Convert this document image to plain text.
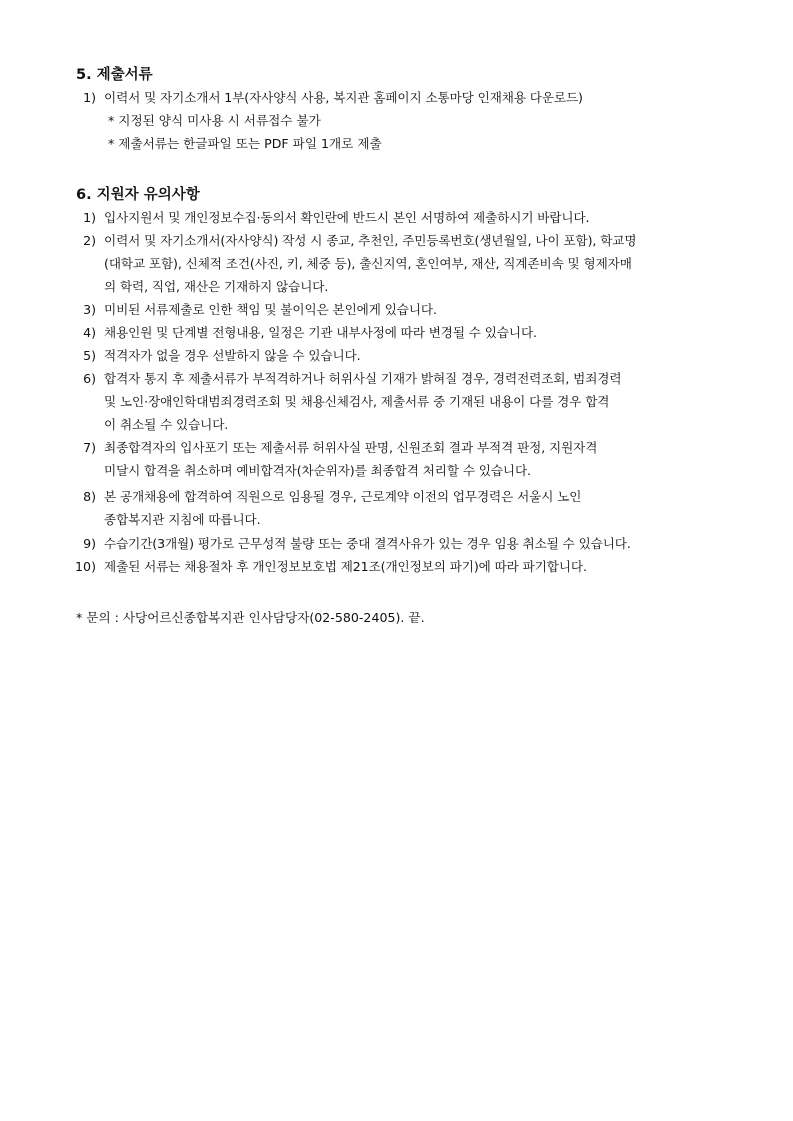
5. 제출서류
1) 이력서 및 자기소개서 1부(자사양식 사용, 복지관 홈페이지 소통마당 인재채용 다운로드)
* 지정된 양식 미사용 시 서류접수 불가
* 제출서류는 한글파일 또는 PDF 파일 1개로 제출
6. 지원자 유의사항
1) 입사지원서 및 개인정보수집·동의서 확인란에 반드시 본인 서명하여 제출하시기 바랍니다.
2) 이력서 및 자기소개서(자사양식) 작성 시 종교, 추천인, 주민등록번호(생년월일, 나이 포함), 학교명
(대학교 포함), 신체적 조건(사진, 키, 체중 등), 출신지역, 혼인여부, 재산, 직계존비속 및 형제자매
의 학력, 직업, 재산은 기재하지 않습니다.
3) 미비된 서류제출로 인한 책임 및 불이익은 본인에게 있습니다.
4) 채용인원 및 단계별 전형내용, 일정은 기관 내부사정에 따라 변경될 수 있습니다.
5) 적격자가 없을 경우 선발하지 않을 수 있습니다.
6) 합격자 통지 후 제출서류가 부적격하거나 허위사실 기재가 밝혀질 경우, 경력전력조회, 범죄경력
및 노인·장애인학대범죄경력조회 및 채용신체검사, 제출서류 중 기재된 내용이 다를 경우 합격
이 취소될 수 있습니다.
7) 최종합격자의 입사포기 또는 제출서류 허위사실 판명, 신원조회 결과 부적격 판정, 지원자격
미달시 합격을 취소하며 예비합격자(차순위자)를 최종합격 처리할 수 있습니다.
8) 본 공개채용에 합격하여 직원으로 임용될 경우, 근로계약 이전의 업무경력은 서울시 노인
종합복지관 지침에 따릅니다.
9) 수습기간(3개월) 평가로 근무성적 불량 또는 중대 결격사유가 있는 경우 임용 취소될 수 있습니다.
10) 제출된 서류는 채용절차 후 개인정보보호법 제21조(개인정보의 파기)에 따라 파기합니다.
* 문의 : 사당어르신종합복지관 인사담당자(02-580-2405). 끝.
